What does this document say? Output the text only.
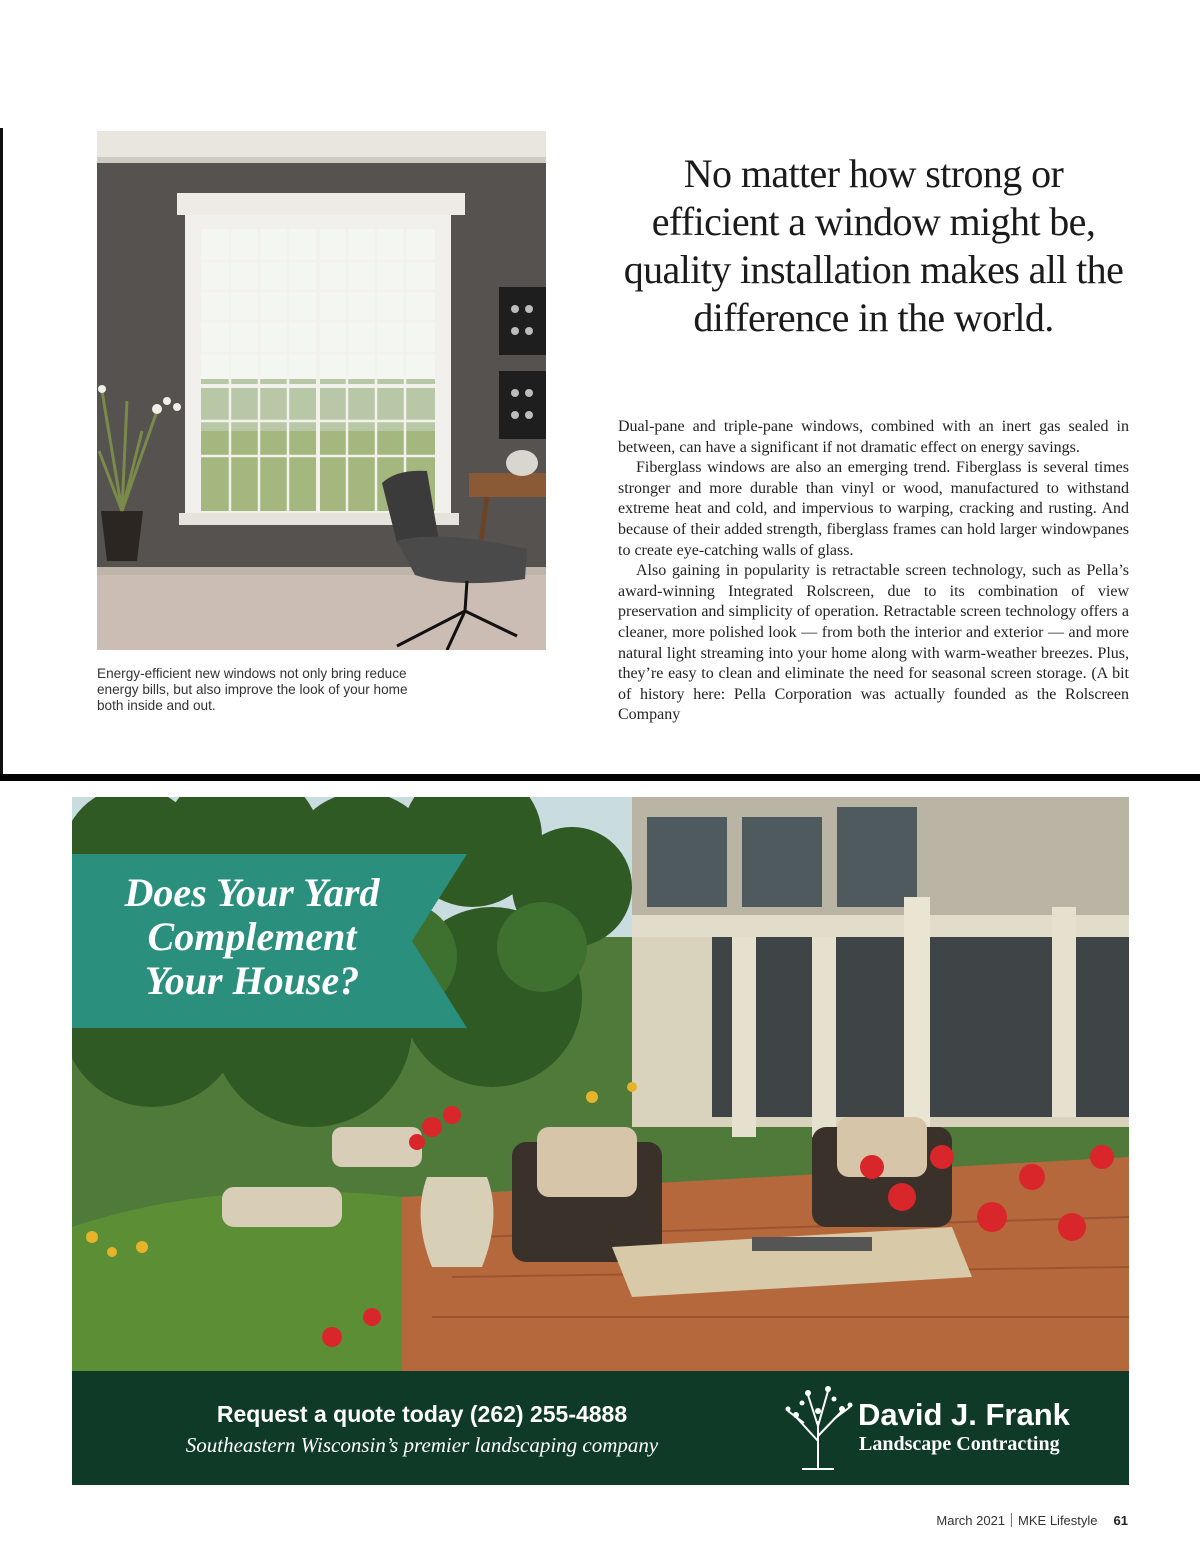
Energy-efficient new windows not only bring reduce energy bills, but also improve the look of your home both inside and out.
No matter how strong or efficient a window might be, quality installation makes all the difference in the world.

Dual-pane and triple-pane windows, combined with an inert gas sealed in between, can have a significant if not dramatic effect on energy savings.

Fiberglass windows are also an emerging trend. Fiberglass is several times stronger and more durable than vinyl or wood, manufactured to withstand extreme heat and cold, and impervious to warping, cracking and rusting. And because of their added strength, fiberglass frames can hold larger windowpanes to create eye-catching walls of glass.

Also gaining in popularity is retractable screen technology, such as Pella’s award-winning Integrated Rolscreen, due to its combination of view preservation and simplicity of operation. Retractable screen technology offers a cleaner, more polished look — from both the interior and exterior — and more natural light streaming into your home along with warm-weather breezes. Plus, they’re easy to clean and eliminate the need for seasonal screen storage. (A bit of history here: Pella Corporation was actually founded as the Rolscreen Company

Does Your Yard
Complement
Your House?
Request a quote today (262) 255-4888
Southeastern Wisconsin’s premier landscaping company
David J. Frank
Landscape Contracting
March 2021 MKE Lifestyle 61
